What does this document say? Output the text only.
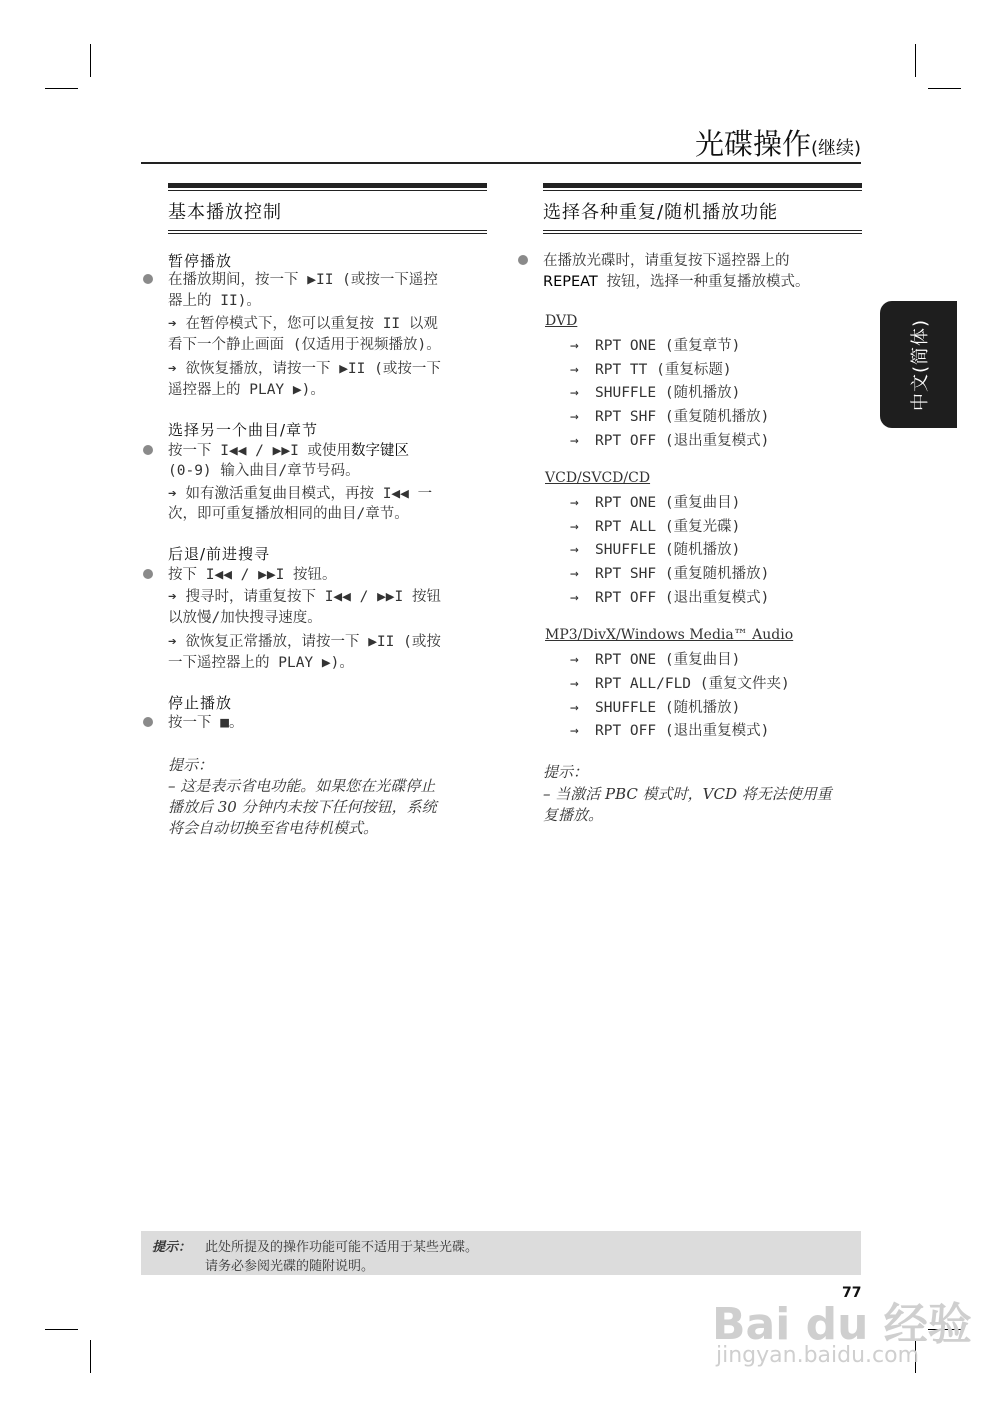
光碟操作(继续)
中文(简体)
基本播放控制
暂停播放
在播放期间，按一下 ▶II (或按一下遥控
器上的 II)。
➔ 在暂停模式下，您可以重复按 II 以观
看下一个静止画面 (仅适用于视频播放)。
➔ 欲恢复播放，请按一下 ▶II (或按一下
遥控器上的 PLAY ▶)。
选择另一个曲目/章节
按一下 I◀◀ / ▶▶I 或使用数字键区
(0-9) 输入曲目/章节号码。
➔ 如有激活重复曲目模式，再按 I◀◀ 一
次，即可重复播放相同的曲目/章节。
后退/前进搜寻
按下 I◀◀ / ▶▶I 按钮。
➔ 搜寻时，请重复按下 I◀◀ / ▶▶I 按钮
以放慢/加快搜寻速度。
➔ 欲恢复正常播放，请按一下 ▶II (或按
一下遥控器上的 PLAY ▶)。
停止播放
按一下 ■。
提示：
– 这是表示省电功能。如果您在光碟停止
播放后 30 分钟内未按下任何按钮，系统
将会自动切换至省电待机模式。
选择各种重复/随机播放功能
在播放光碟时，请重复按下遥控器上的
REPEAT 按钮，选择一种重复播放模式。
DVD
→ RPT ONE (重复章节)
→ RPT TT (重复标题)
→ SHUFFLE (随机播放)
→ RPT SHF (重复随机播放)
→ RPT OFF (退出重复模式)
VCD/SVCD/CD
→ RPT ONE (重复曲目)
→ RPT ALL (重复光碟)
→ SHUFFLE (随机播放)
→ RPT SHF (重复随机播放)
→ RPT OFF (退出重复模式)
MP3/DivX/Windows Media™ Audio
→ RPT ONE (重复曲目)
→ RPT ALL/FLD (重复文件夹)
→ SHUFFLE (随机播放)
→ RPT OFF (退出重复模式)
提示：
– 当激活 PBC 模式时，VCD 将无法使用重
复播放。
提示： 此处所提及的操作功能可能不适用于某些光碟。
请务必参阅光碟的随附说明。
77
Bai du 经验
jingyan.baidu.com
